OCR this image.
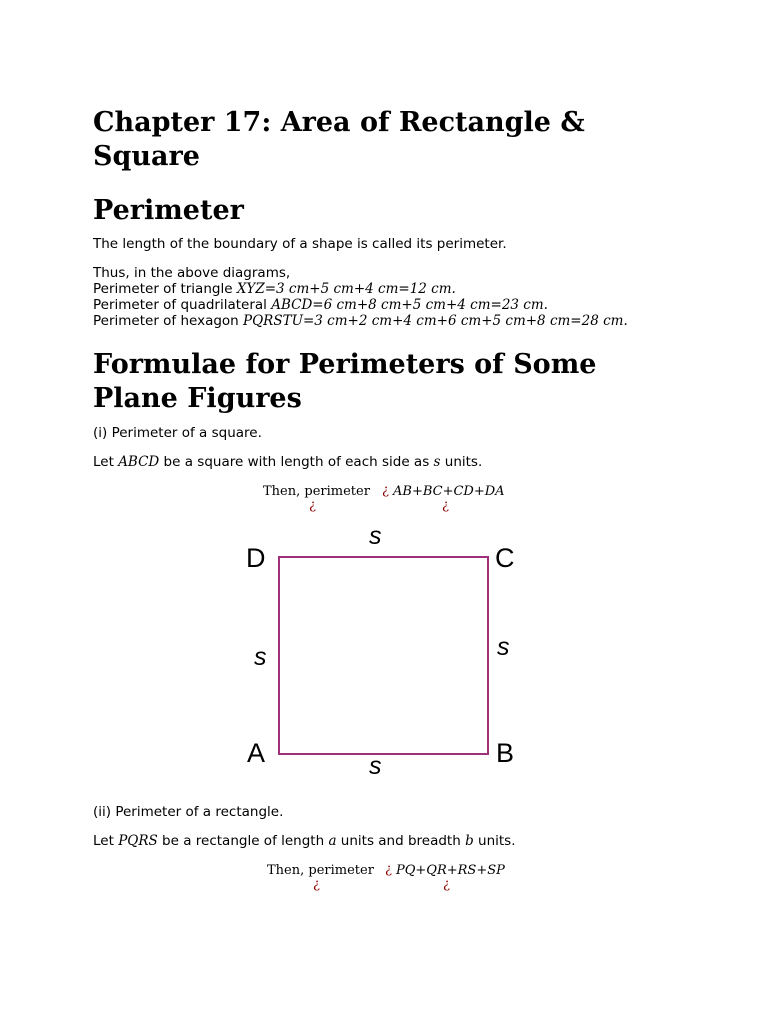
Chapter 17: Area of Rectangle &
Square
Perimeter
The length of the boundary of a shape is called its perimeter.
Thus, in the above diagrams,
Perimeter of triangle XYZ=3 cm+5 cm+4 cm=12 cm.
Perimeter of quadrilateral ABCD=6 cm+8 cm+5 cm+4 cm=23 cm.
Perimeter of hexagon PQRSTU=3 cm+2 cm+4 cm+6 cm+5 cm+8 cm=28 cm.
Formulae for Perimeters of Some
Plane Figures
(i) Perimeter of a square.
Let ABCD be a square with length of each side as s units.
Then, perimeter ¿ AB+BC+CD+DA
¿	¿
D	C
A	B
s
s	s
s
(ii) Perimeter of a rectangle.
Let PQRS be a rectangle of length a units and breadth b units.
Then, perimeter ¿ PQ+QR+RS+SP
¿	¿
